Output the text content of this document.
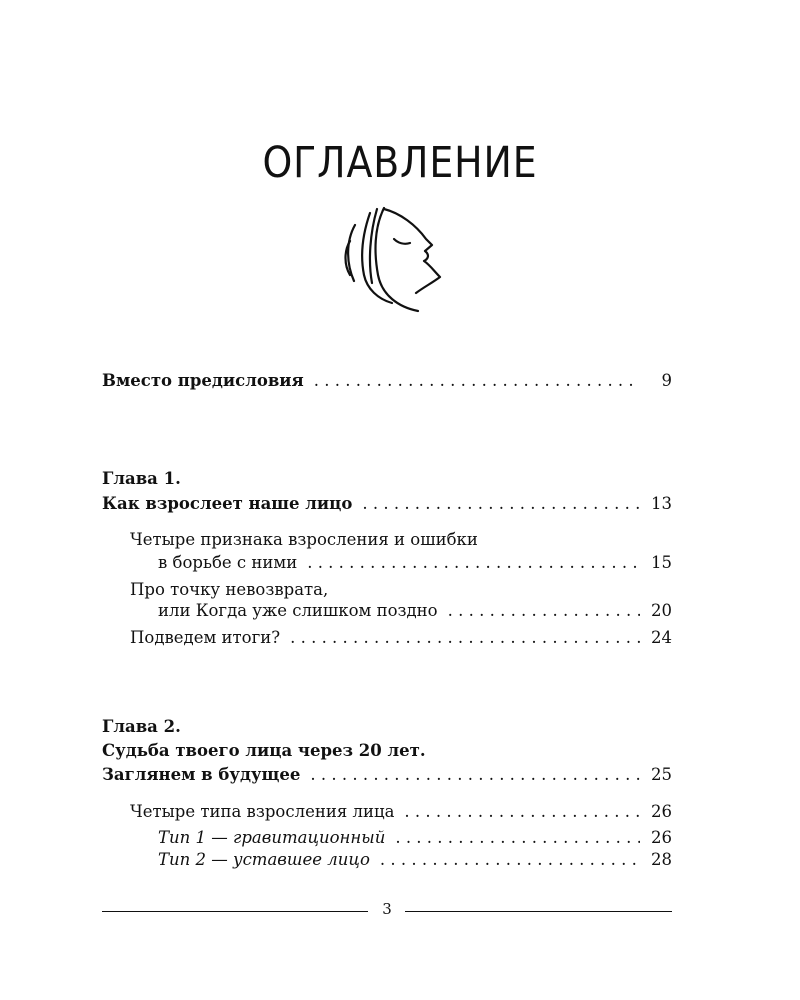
ОГЛАВЛЕНИЕ
Вместо предисловия . . .	9
Глава 1.
Как взрослеет наше лицо . . .	13
Четыре признака взросления и ошибки
в борьбе с ними . . .	15
Про точку невозврата,
или Когда уже слишком поздно . . .	20
Подведем итоги? . . .	24
Глава 2.
Судьба твоего лица через 20 лет.
Заглянем в будущее . . .	25
Четыре типа взросления лица . . .	26
Тип 1 — гравитационный . . .	26
Тип 2 — уставшее лицо . . .	28
3
